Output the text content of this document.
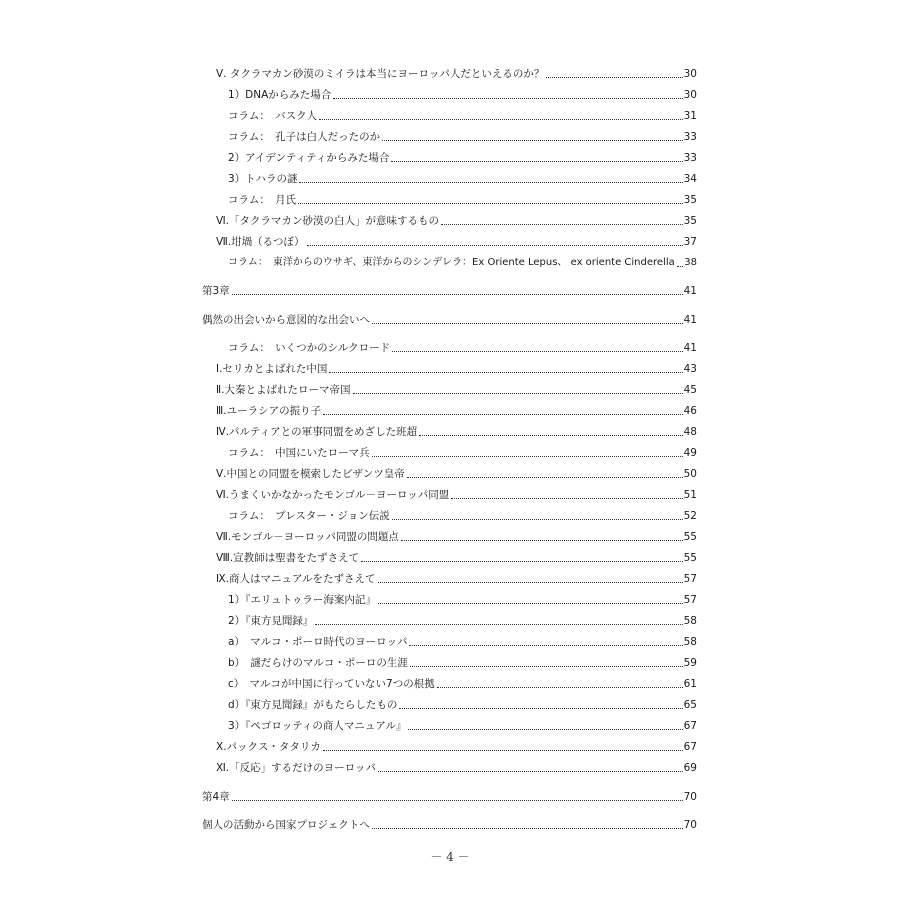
Ⅴ. タクラマカン砂漠のミイラは本当にヨーロッパ人だといえるのか？	30
1）DNAからみた場合	30
コラム：　バスク人	31
コラム：　孔子は白人だったのか	33
2）アイデンティティからみた場合	33
3）トハラの謎	34
コラム：　月氏	35
Ⅵ.「タクラマカン砂漠の白人」が意味するもの	35
Ⅶ.坩堝（るつぼ）	37
コラム：　東洋からのウサギ、東洋からのシンデレラ：Ex Oriente Lepus、 ex oriente Cinderella 38
第3章	41
偶然の出会いから意図的な出会いへ	41
コラム：　いくつかのシルクロード	41
Ⅰ.セリカとよばれた中国	43
Ⅱ.大秦とよばれたローマ帝国	45
Ⅲ.ユーラシアの振り子	46
Ⅳ.パルティアとの軍事同盟をめざした班超	48
コラム：　中国にいたローマ兵	49
Ⅴ.中国との同盟を模索したビザンツ皇帝	50
Ⅵ.うまくいかなかったモンゴル－ヨーロッパ同盟	51
コラム：　プレスター・ジョン伝説	52
Ⅶ.モンゴル－ヨーロッパ同盟の問題点	55
Ⅷ.宣教師は聖書をたずさえて	55
Ⅸ.商人はマニュアルをたずさえて	57
1）『エリュトゥラー海案内記』	57
2）『東方見聞録』	58
a）　マルコ・ポーロ時代のヨーロッパ	58
b）　謎だらけのマルコ・ポーロの生涯	59
c）　マルコが中国に行っていない7つの根拠	61
d）『東方見聞録』がもたらしたもの	65
3）『ペゴロッティの商人マニュアル』	67
Ⅹ.パックス・タタリカ	67
Ⅺ.「反応」するだけのヨーロッパ	69
第4章	70
個人の活動から国家プロジェクトへ	70
－ 4 －
